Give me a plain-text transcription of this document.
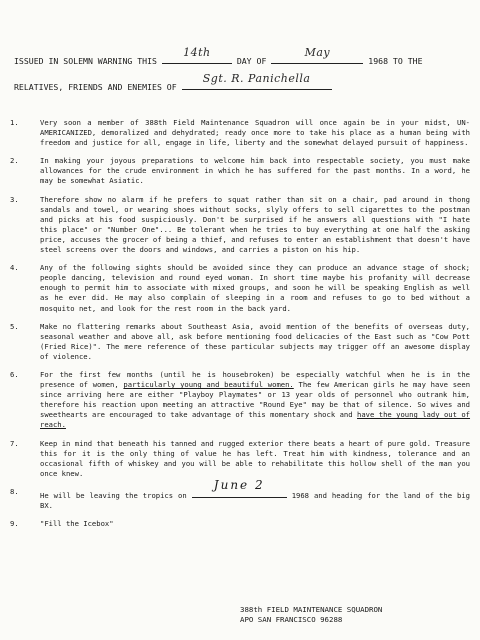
ISSUED IN SOLEMN WARNING THIS
14th
DAY OF
May
1968 TO THE
RELATIVES, FRIENDS AND ENEMIES OF
Sgt. R. Panichella
1.	Very soon a member of 388th Field Maintenance Squadron will once again be in your midst, UN-AMERICANIZED, demoralized and dehydrated; ready once more to take his place as a human being with freedom and justice for all, engage in life, liberty and the somewhat delayed pursuit of happiness.

2.	In making your joyous preparations to welcome him back into respectable society, you must make allowances for the crude environment in which he has suffered for the past months. In a word, he may be somewhat Asiatic.

3.	Therefore show no alarm if he prefers to squat rather than sit on a chair, pad around in thong sandals and towel, or wearing shoes without socks, slyly offers to sell cigarettes to the postman and picks at his food suspiciously. Don't be surprised if he answers all questions with "I hate this place" or "Number One"... Be tolerant when he tries to buy everything at one half the asking price, accuses the grocer of being a thief, and refuses to enter an establishment that doesn't have steel screens over the doors and windows, and carries a piston on his hip.

4.	Any of the following sights should be avoided since they can produce an advance stage of shock; people dancing, television and round eyed woman. In short time maybe his profanity will decrease enough to permit him to associate with mixed groups, and soon he will be speaking English as well as he ever did. He may also complain of sleeping in a room and refuses to go to bed without a mosquito net, and look for the rest room in the back yard.

5.	Make no flattering remarks about Southeast Asia, avoid mention of the benefits of overseas duty, seasonal weather and above all, ask before mentioning food delicacies of the East such as "Cow Pott (Fried Rice)". The mere reference of these particular subjects may trigger off an awesome display of violence.

6.	For the first few months (until he is housebroken) be especially watchful when he is in the presence of women, particularly young and beautiful women. The few American girls he may have seen since arriving here are either "Playboy Playmates" or 13 year olds of personnel who outrank him, therefore his reaction upon meeting an attractive "Round Eye" may be that of silence. So wives and sweethearts are encouraged to take advantage of this momentary shock and have the young lady out of reach.

7.	Keep in mind that beneath his tanned and rugged exterior there beats a heart of pure gold. Treasure this for it is the only thing of value he has left. Treat him with kindness, tolerance and an occasional fifth of whiskey and you will be able to rehabilitate this hollow shell of the man you once knew.

8.	He will be leaving the tropics on
June 2
1968 and heading for the land of the big BX.

9.	"Fill the Icebox"

388th FIELD MAINTENANCE SQUADRON
APO SAN FRANCISCO 96288
